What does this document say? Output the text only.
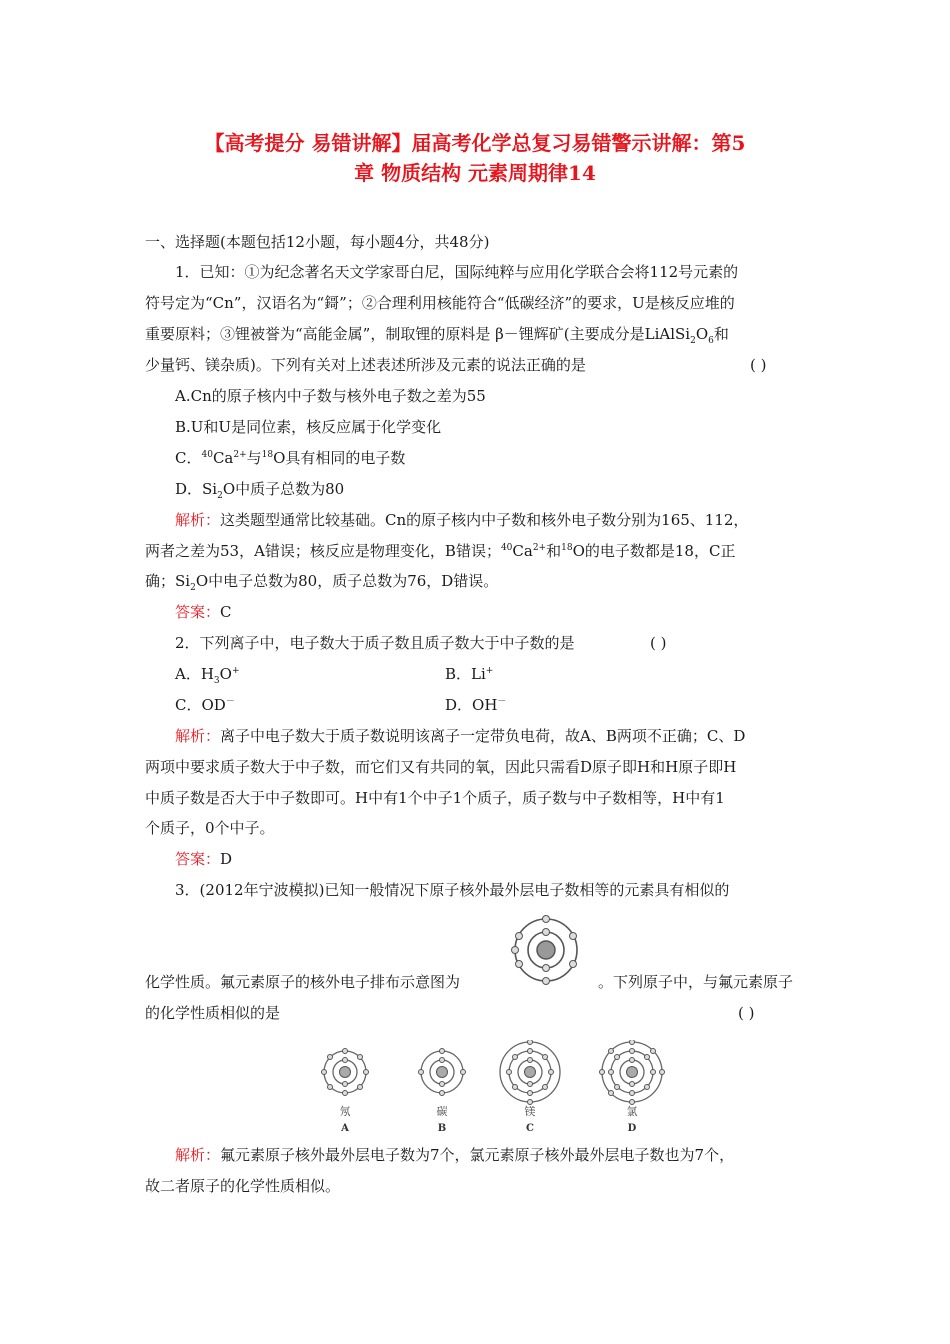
【高考提分 易错讲解】届高考化学总复习易错警示讲解：第5

章 物质结构 元素周期律14

一、选择题(本题包括12小题，每小题4分，共48分)

1．已知：①为纪念著名天文学家哥白尼，国际纯粹与应用化学联合会将112号元素的

符号定为“Cn”，汉语名为“鎶”；②合理利用核能符合“低碳经济”的要求，U是核反应堆的

重要原料；③锂被誉为“高能金属”，制取锂的原料是 β－锂辉矿(主要成分是$LiAlSi_2O_6$和

少量钙、镁杂质)。下列有关对上述表述所涉及元素的说法正确的是	( )

A.Cn的原子核内中子数与核外电子数之差为55

B.U和U是同位素，核反应属于化学变化

C．$^{40}Ca^{2+}$与$^{18}$O具有相同的电子数

D．$Si_2O$中质子总数为80

解析：这类题型通常比较基础。Cn的原子核内中子数和核外电子数分别为165、112，

两者之差为53，A错误；核反应是物理变化，B错误；$^{40}Ca^{2+}$和$^{18}$O的电子数都是18，C正

确；$Si_2O$中电子总数为80，质子总数为76，D错误。

答案：C

2．下列离子中，电子数大于质子数且质子数大于中子数的是	( )

A．$H_3O^+$	B．Li+

C．OD－	D．OH－

解析：离子中电子数大于质子数说明该离子一定带负电荷，故A、B两项不正确；C、D

两项中要求质子数大于中子数，而它们又有共同的氧，因此只需看D原子即H和H原子即H

中质子数是否大于中子数即可。H中有1个中子1个质子，质子数与中子数相等，H中有1

个质子，0个中子。

答案：D

3．(2012年宁波模拟)已知一般情况下原子核外最外层电子数相等的元素具有相似的

化学性质。氟元素原子的核外电子排布示意图为	。下列原子中，与氟元素原子

的化学性质相似的是	( )
氖	碳	镁	氯
A	B	C	D

解析：氟元素原子核外最外层电子数为7个，氯元素原子核外最外层电子数也为7个，

故二者原子的化学性质相似。
